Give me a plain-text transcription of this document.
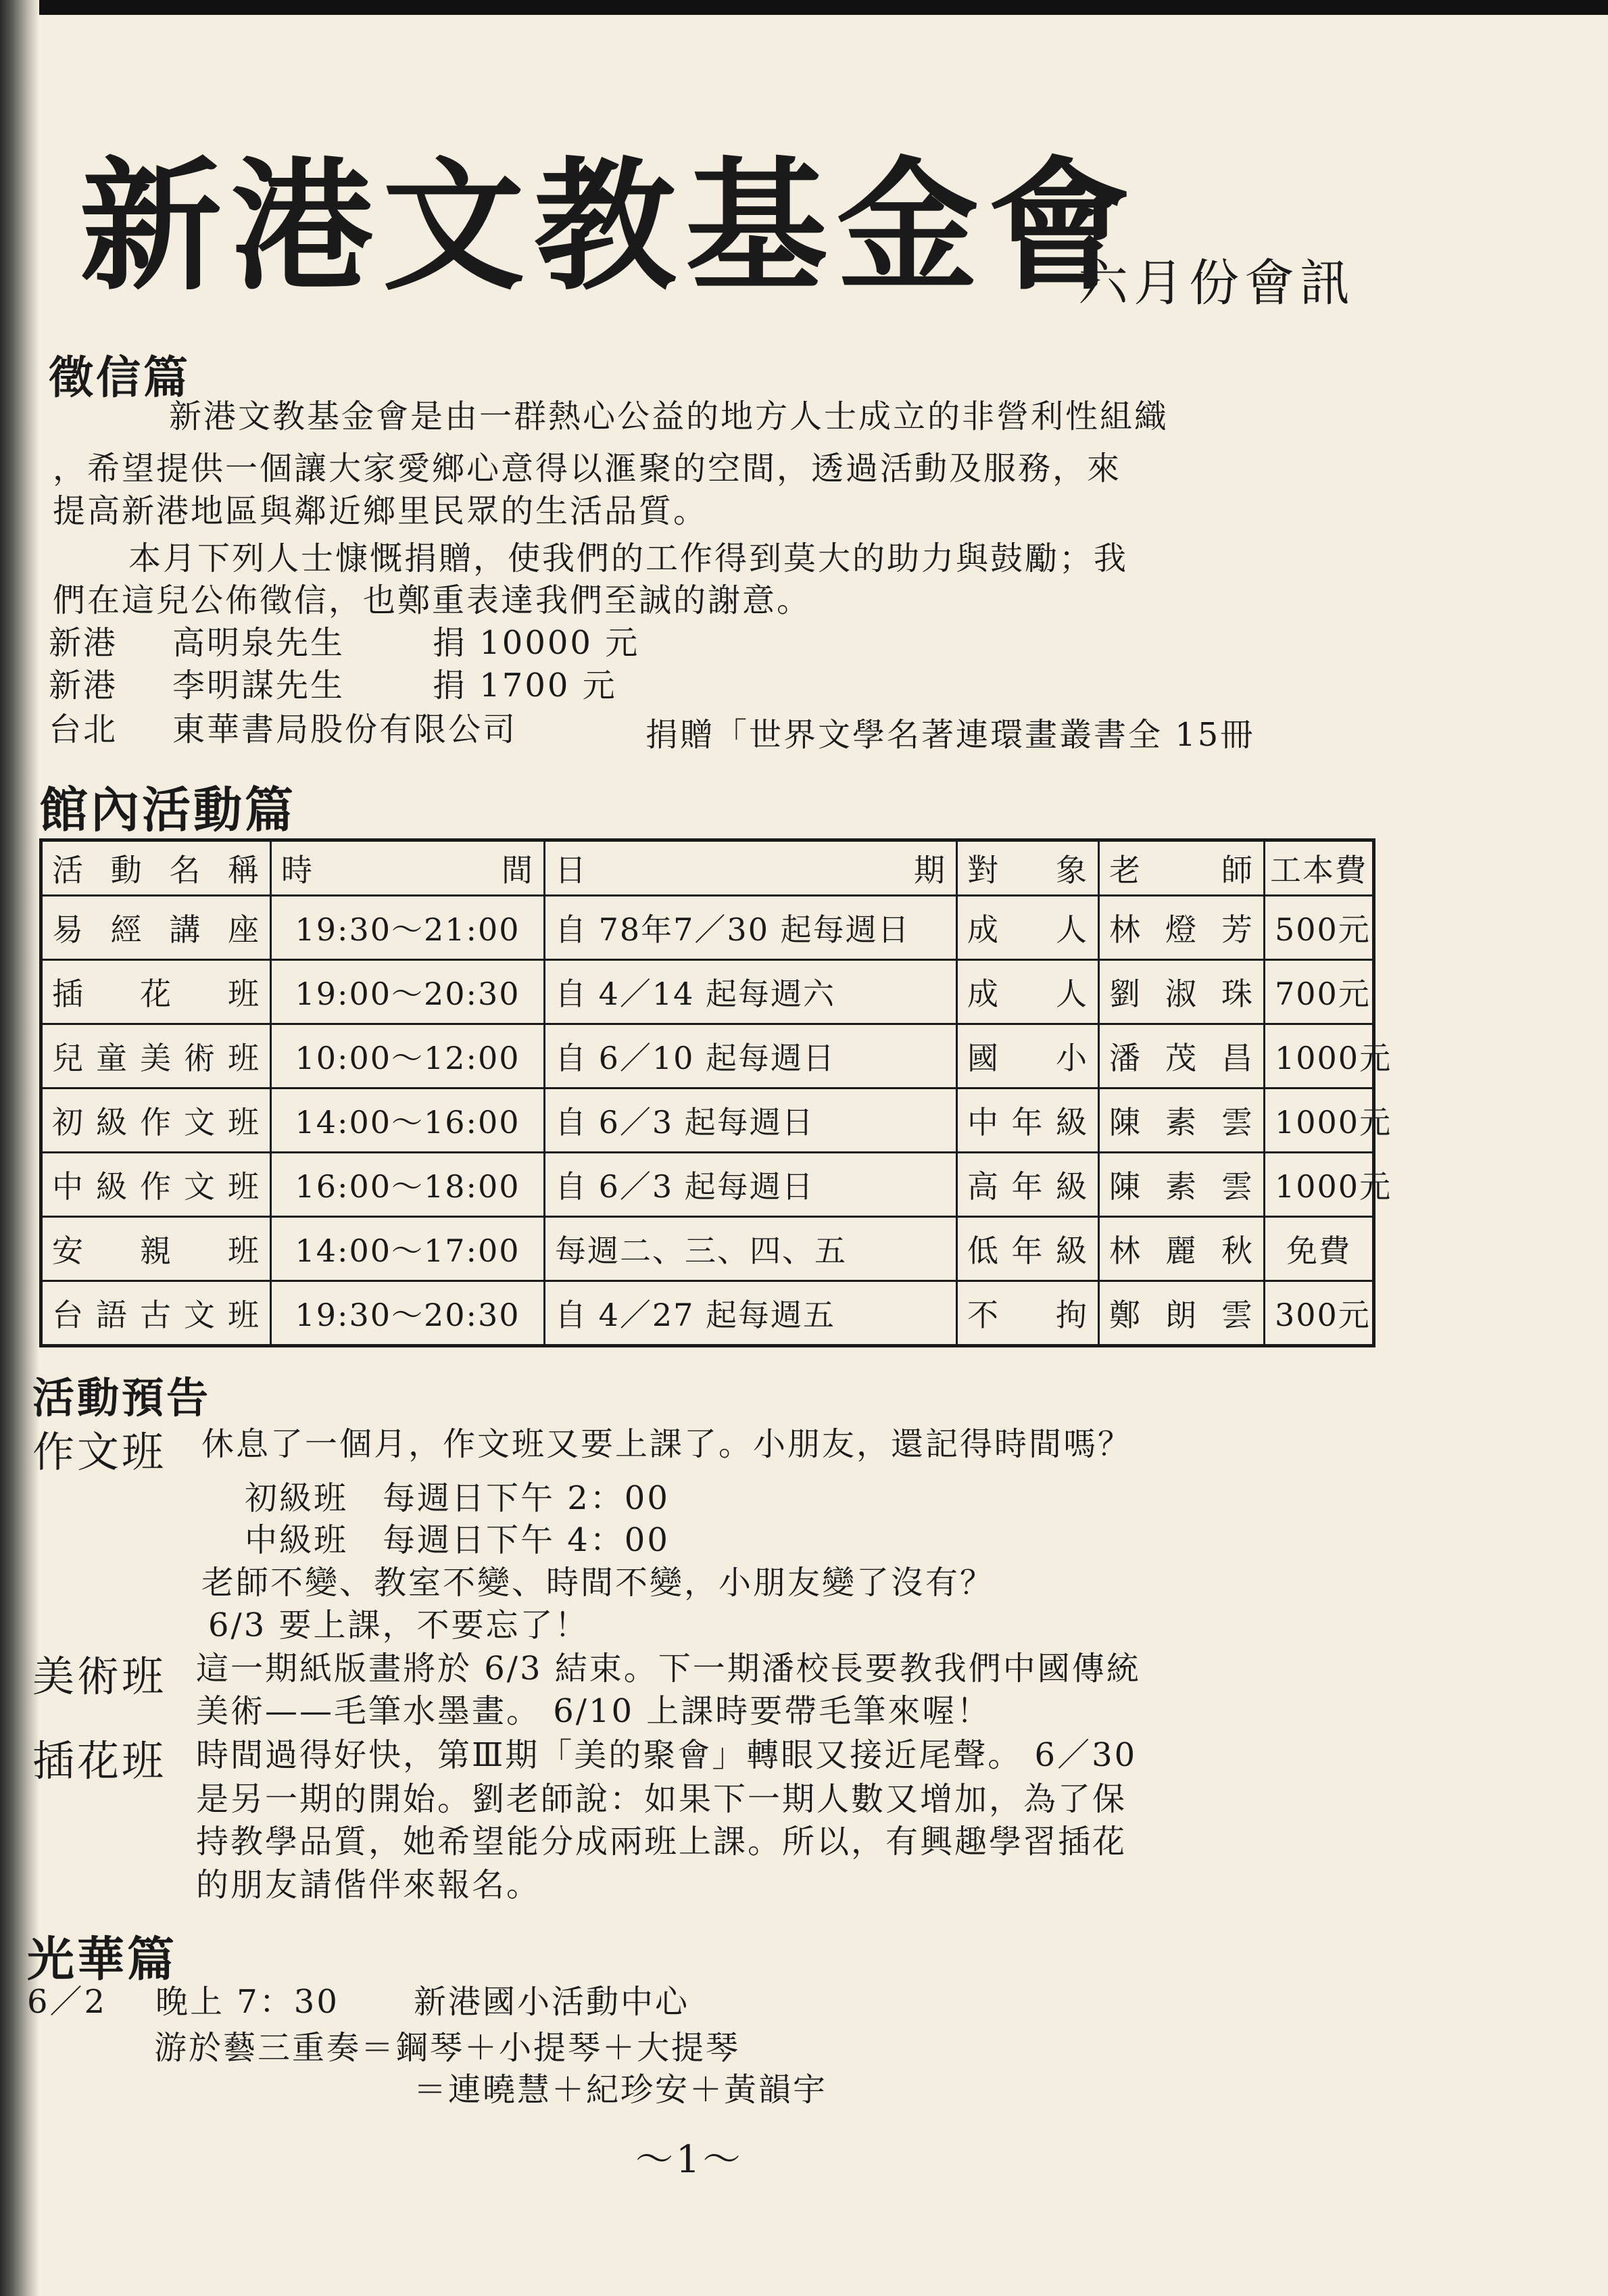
新港文教基金會
六月份會訊
徵信篇
新港文教基金會是由一群熱心公益的地方人士成立的非營利性組織
，希望提供一個讓大家愛鄉心意得以滙聚的空間，透過活動及服務，來
提高新港地區與鄰近鄉里民眾的生活品質。
本月下列人士慷慨捐贈，使我們的工作得到莫大的助力與鼓勵；我
們在這兒公佈徵信，也鄭重表達我們至誠的謝意。
新港 高明泉先生	捐 10000 元
新港 李明謀先生	捐 1700 元
台北 東華書局股份有限公司	捐贈「世界文學名著連環畫叢書全 15冊
館內活動篇
活動名稱	時 間	日 期	對象	老師	工本費
易經講座	19:30～21:00	自 78年7／30 起每週日	成人	林燈芳	500元
插花班	19:00～20:30	自 4／14 起每週六	成人	劉淑珠	700元
兒童美術班	10:00～12:00	自 6／10 起每週日	國小	潘茂昌	1000元
初級作文班	14:00～16:00	自 6／3 起每週日	中年級	陳素雲	1000元
中級作文班	16:00～18:00	自 6／3 起每週日	高年級	陳素雲	1000元
安親班	14:00～17:00	每週二、三、四、五	低年級	林麗秋	免費
台語古文班	19:30～20:30	自 4／27 起每週五	不拘	鄭朗雲	300元
活動預告
作文班 休息了一個月，作文班又要上課了。小朋友，還記得時間嗎？
初級班　每週日下午 2：00
中級班　每週日下午 4：00
老師不變、教室不變、時間不變，小朋友變了沒有？
6/3 要上課，不要忘了！
美術班 這一期紙版畫將於 6/3 結束。下一期潘校長要教我們中國傳統
美術——毛筆水墨畫。 6/10 上課時要帶毛筆來喔！
插花班 時間過得好快，第Ⅲ期「美的聚會」轉眼又接近尾聲。 6／30
是另一期的開始。劉老師說：如果下一期人數又增加，為了保
持教學品質，她希望能分成兩班上課。所以，有興趣學習插花
的朋友請偕伴來報名。
光華篇
6／2 晚上 7：30 新港國小活動中心
游於藝三重奏＝鋼琴＋小提琴＋大提琴
＝連曉慧＋紀珍安＋黃韻宇
～1～
